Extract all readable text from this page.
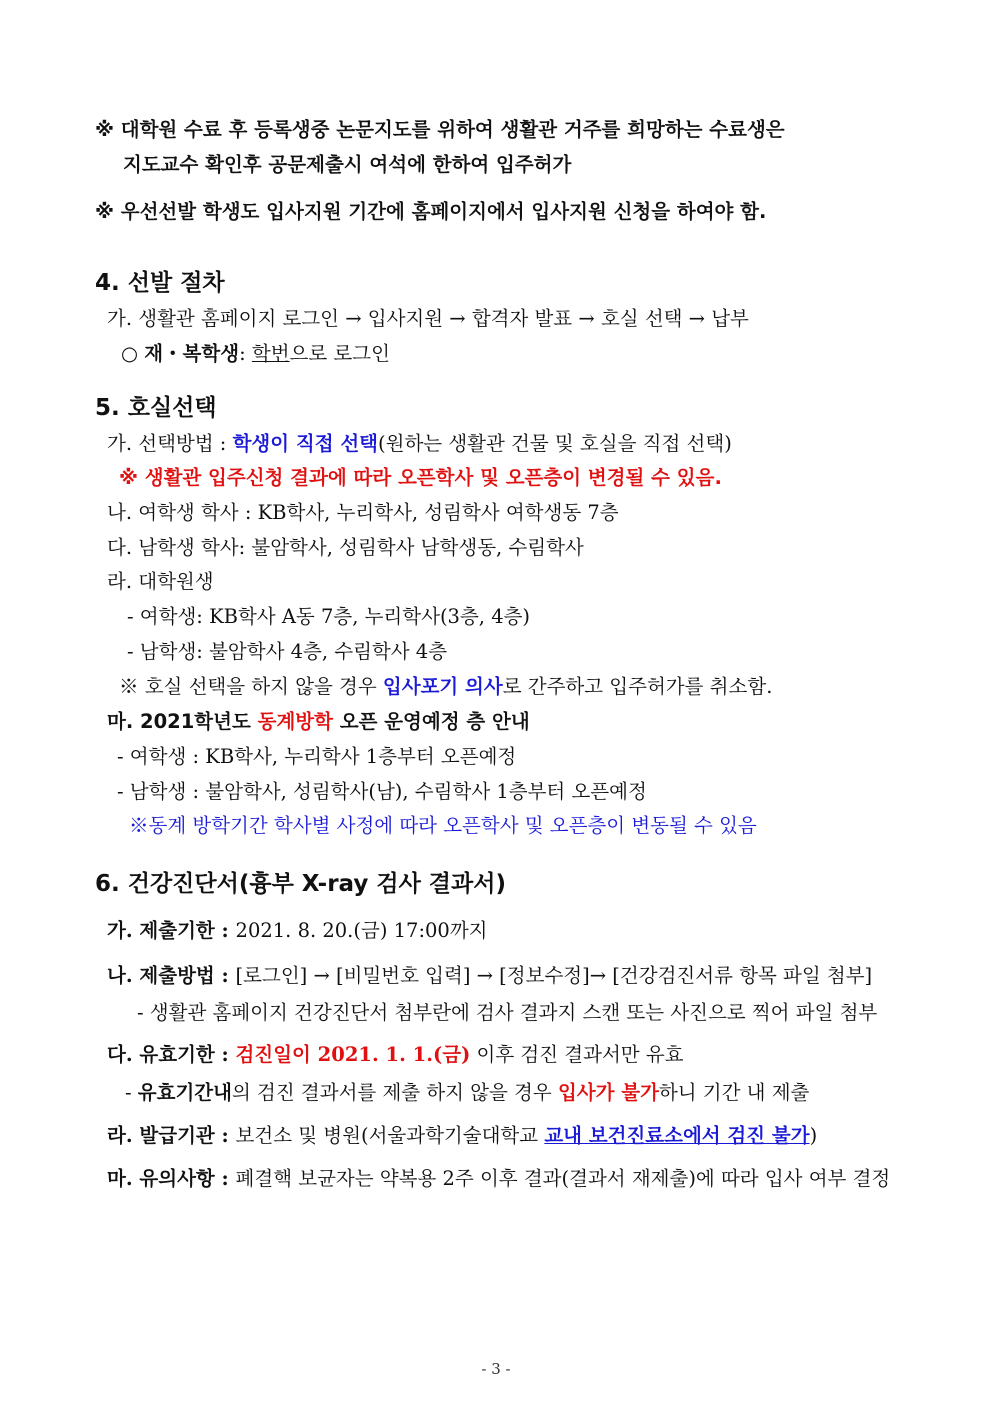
※ 대학원 수료 후 등록생중 논문지도를 위하여 생활관 거주를 희망하는 수료생은
지도교수 확인후 공문제출시 여석에 한하여 입주허가
※ 우선선발 학생도 입사지원 기간에 홈페이지에서 입사지원 신청을 하여야 함.
4. 선발 절차
가. 생활관 홈페이지 로그인 → 입사지원 → 합격자 발표 → 호실 선택 → 납부
○ 재・복학생: 학번으로 로그인
5. 호실선택
가. 선택방법 : 학생이 직접 선택(원하는 생활관 건물 및 호실을 직접 선택)
※ 생활관 입주신청 결과에 따라 오픈학사 및 오픈층이 변경될 수 있음.
나. 여학생 학사 : KB학사, 누리학사, 성림학사 여학생동 7층
다. 남학생 학사: 불암학사, 성림학사 남학생동, 수림학사
라. 대학원생
- 여학생: KB학사 A동 7층, 누리학사(3층, 4층)
- 남학생: 불암학사 4층, 수림학사 4층
※ 호실 선택을 하지 않을 경우 입사포기 의사로 간주하고 입주허가를 취소함.
마. 2021학년도 동계방학 오픈 운영예정 층 안내
- 여학생 : KB학사, 누리학사 1층부터 오픈예정
- 남학생 : 불암학사, 성림학사(남), 수림학사 1층부터 오픈예정
※동계 방학기간 학사별 사정에 따라 오픈학사 및 오픈층이 변동될 수 있음
6. 건강진단서(흉부 X-ray 검사 결과서)
가. 제출기한 : 2021. 8. 20.(금) 17:00까지
나. 제출방법 : [로그인] → [비밀번호 입력] → [정보수정]→ [건강검진서류 항목 파일 첨부]
- 생활관 홈페이지 건강진단서 첨부란에 검사 결과지 스캔 또는 사진으로 찍어 파일 첨부
다. 유효기한 : 검진일이 2021. 1. 1.(금) 이후 검진 결과서만 유효
- 유효기간내의 검진 결과서를 제출 하지 않을 경우 입사가 불가하니 기간 내 제출
라. 발급기관 : 보건소 및 병원(서울과학기술대학교 교내 보건진료소에서 검진 불가)
마. 유의사항 : 폐결핵 보균자는 약복용 2주 이후 결과(결과서 재제출)에 따라 입사 여부 결정
- 3 -
